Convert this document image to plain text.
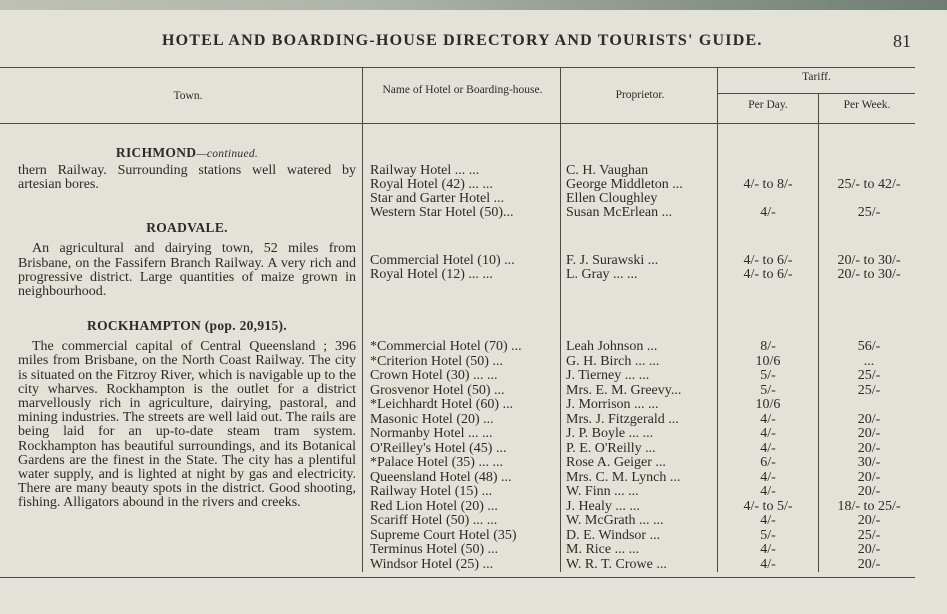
HOTEL AND BOARDING-HOUSE DIRECTORY AND TOURISTS' GUIDE.	81
Town.	Name of Hotel or Boarding-house.	Proprietor.
Tariff.
Per Day.	Per Week.
RICHMOND—continued.
thern Railway. Surrounding stations well watered by artesian bores.
ROADVALE.
An agricultural and dairying town, 52 miles from Brisbane, on the Fassifern Branch Railway. A very rich and progressive district. Large quantities of maize grown in neighbourhood.
ROCKHAMPTON (pop. 20,915).
The commercial capital of Central Queensland ; 396 miles from Brisbane, on the North Coast Railway. The city is situated on the Fitzroy River, which is navigable up to the city wharves. Rockhampton is the outlet for a district marvellously rich in agriculture, dairying, pastoral, and mining industries. The streets are well laid out. The rails are being laid for an up-to-date steam tram system. Rockhampton has beautiful surroundings, and its Botanical Gardens are the finest in the State. The city has a plentiful water supply, and is lighted at night by gas and electricity. There are many beauty spots in the district. Good shooting, fishing. Alligators abound in the rivers and creeks.
Railway Hotel ... ...	C. H. Vaughan
Royal Hotel (42) ... ...	George Middleton ...	4/- to 8/-	25/- to 42/-
Star and Garter Hotel ...	Ellen Cloughley
Western Star Hotel (50)...	Susan McErlean ...	4/-	25/-
Commercial Hotel (10) ...	F. J. Surawski ...	4/- to 6/-	20/- to 30/-
Royal Hotel (12) ... ...	L. Gray ... ...	4/- to 6/-	20/- to 30/-
*Commercial Hotel (70) ...	Leah Johnson ...	8/-	56/-
*Criterion Hotel (50) ...	G. H. Birch ... ...	10/6	...
Crown Hotel (30) ... ...	J. Tierney ... ...	5/-	25/-
Grosvenor Hotel (50) ...	Mrs. E. M. Greevy...	5/-	25/-
*Leichhardt Hotel (60) ...	J. Morrison ... ...	10/6
Masonic Hotel (20) ...	Mrs. J. Fitzgerald ...	4/-	20/-
Normanby Hotel ... ...	J. P. Boyle ... ...	4/-	20/-
O'Reilley's Hotel (45) ...	P. E. O'Reilly ...	4/-	20/-
*Palace Hotel (35) ... ...	Rose A. Geiger ...	6/-	30/-
Queensland Hotel (48) ...	Mrs. C. M. Lynch ...	4/-	20/-
Railway Hotel (15) ...	W. Finn ... ...	4/-	20/-
Red Lion Hotel (20) ...	J. Healy ... ...	4/- to 5/-	18/- to 25/-
Scariff Hotel (50) ... ...	W. McGrath ... ...	4/-	20/-
Supreme Court Hotel (35)	D. E. Windsor ...	5/-	25/-
Terminus Hotel (50) ...	M. Rice ... ...	4/-	20/-
Windsor Hotel (25) ...	W. R. T. Crowe ...	4/-	20/-
